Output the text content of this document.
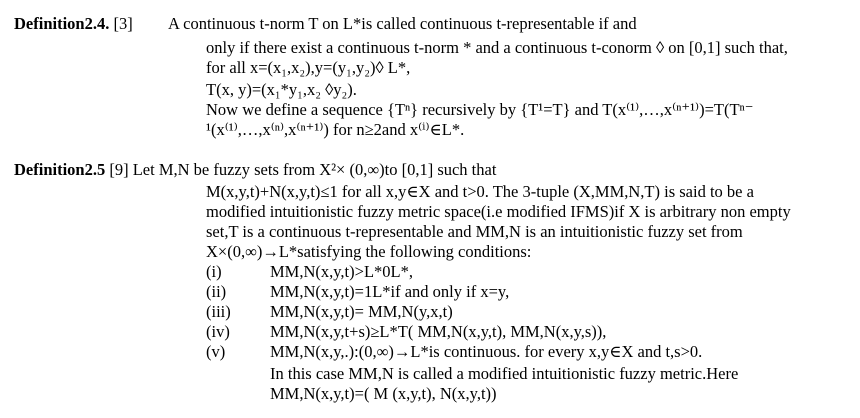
Definition2.4. [3] A continuous t-norm T on L*is called continuous t-representable if and
only if there exist a continuous t-norm * and a continuous t-conorm ◊ on [0,1] such that,
for all x=(x₁,x₂),y=(y₁,y₂)◊ L*,
T(x, y)=(x₁*y₁,x₂ ◊y₂).
Now we define a sequence {Tⁿ} recursively by {T¹=T} and T(x⁽¹⁾,…,x⁽ⁿ⁺¹⁾)=T(Tⁿ⁻
¹(x⁽¹⁾,…,x⁽ⁿ⁾,x⁽ⁿ⁺¹⁾) for n≥2and x⁽ⁱ⁾∈L*.
Definition2.5 [9] Let M,N be fuzzy sets from X²× (0,∞)to [0,1] such that
M(x,y,t)+N(x,y,t)≤1 for all x,y∈X and t>0. The 3-tuple (X,MM,N,T) is said to be a
modified intuitionistic fuzzy metric space(i.e modified IFMS)if X is arbitrary non empty
set,T is a continuous t-representable and MM,N is an intuitionistic fuzzy set from
X×(0,∞)→L*satisfying the following conditions:
(i)	MM,N(x,y,t)>L*0L*,
(ii)	MM,N(x,y,t)=1L*if and only if x=y,
(iii) MM,N(x,y,t)= MM,N(y,x,t)
(iv) MM,N(x,y,t+s)≥L*T( MM,N(x,y,t), MM,N(x,y,s)),
(v)	MM,N(x,y,.):(0,∞)→L*is continuous. for every x,y∈X and t,s>0.
In this case MM,N is called a modified intuitionistic fuzzy metric.Here
MM,N(x,y,t)=( M (x,y,t), N(x,y,t))
